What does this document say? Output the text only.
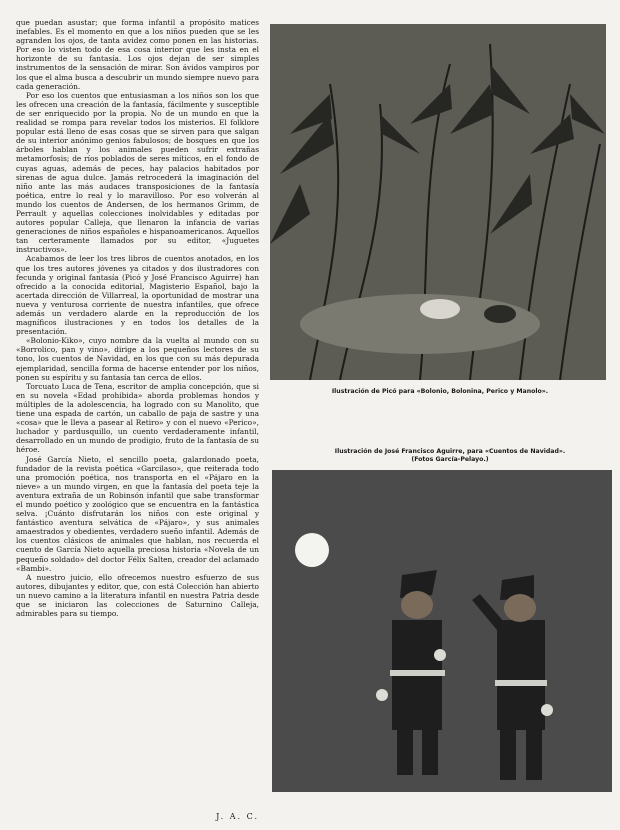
que puedan asustar; que forma infantil a propósito matices inefables. Es el momento en que a los niños pueden que se les agranden los ojos, de tanta avidez como ponen en las historias. Por eso lo visten todo de esa cosa interior que les insta en el horizonte de su fantasía. Los ojos dejan de ser simples instrumentos de la sensación de mirar. Son ávidos vampiros por los que el alma busca a descubrir un mundo siempre nuevo para cada generación.

Por eso los cuentos que entusiasman a los niños son los que les ofrecen una creación de la fantasía, fácilmente y susceptible de ser enriquecido por la propia. No de un mundo en que la realidad se rompa para revelar todos los misterios. El folklore popular está lleno de esas cosas que se sirven para que salgan de su interior anónimo genios fabulosos; de bosques en que los árboles hablan y los animales pueden sufrir extrañas metamorfosis; de ríos poblados de seres míticos, en el fondo de cuyas aguas, además de peces, hay palacios habitados por sirenas de agua dulce. Jamás retrocederá la imaginación del niño ante las más audaces transposiciones de la fantasía poética, entre lo real y lo maravilloso. Por eso volverán al mundo los cuentos de Andersen, de los hermanos Grimm, de Perrault y aquellas colecciones inolvidables y editadas por autores popular Calleja, que llenaron la infancia de varias generaciones de niños españoles e hispanoamericanos. Aquellos tan certeramente llamados por su editor, «Juguetes instructivos».

Acabamos de leer los tres libros de cuentos anotados, en los que los tres autores jóvenes ya citados y dos ilustradores con fecunda y original fantasía (Picó y José Francisco Aguirre) han ofrecido a la conocida editorial, Magisterio Español, bajo la acertada dirección de Villarreal, la oportunidad de mostrar una nueva y venturosa corriente de nuestra infantiles, que ofrece además un verdadero alarde en la reproducción de los magníficos ilustraciones y en todos los detalles de la presentación.

«Bolonio-Kiko», cuyo nombre da la vuelta al mundo con su «Borrolico, pan y vino», dirige a los pequeños lectores de su tono, los cuentos de Navidad, en los que con su más depurada ejemplaridad, sencilla forma de hacerse entender por los niños, ponen su espíritu y su fantasía tan cerca de ellos.

Torcuato Luca de Tena, escritor de amplia concepción, que si en su novela «Edad prohibida» aborda problemas hondos y múltiples de la adolescencia, ha logrado con su Manolito, que tiene una espada de cartón, un caballo de paja de sastre y una «cosa» que le lleva a pasear al Retiro» y con el nuevo «Perico», luchador y pardusquillo, un cuento verdaderamente infantil, desarrollado en un mundo de prodigio, fruto de la fantasía de su héroe.

José García Nieto, el sencillo poeta, galardonado poeta, fundador de la revista poética «Garcilaso», que reiterada todo una promoción poética, nos transporta en el «Pájaro en la nieve» a un mundo virgen, en que la fantasía del poeta teje la aventura extraña de un Robinsón infantil que sabe transformar el mundo poético y zoológico que se encuentra en la fantástica selva. ¡Cuánto disfrutarán los niños con este original y fantástico aventura selvática de «Pájaro», y sus animales amaestrados y obedientes, verdadero sueño infantil. Además de los cuentos clásicos de animales que hablan, nos recuerda el cuento de García Nieto aquella preciosa historia «Novela de un pequeño soldado» del doctor Félix Salten, creador del aclamado «Bambi».

A nuestro juicio, ello ofrecemos nuestro esfuerzo de sus autores, dibujantes y editor, que, con está Colección han abierto un nuevo camino a la literatura infantil en nuestra Patria desde que se iniciaron las colecciones de Saturnino Calleja, admirables para su tiempo.

J. A. C.
Ilustración de Picó para «Bolonio, Bolonina, Perico y Manolo».
Ilustración de José Francisco Aguirre, para «Cuentos de Navidad». (Fotos García-Pelayo.)
